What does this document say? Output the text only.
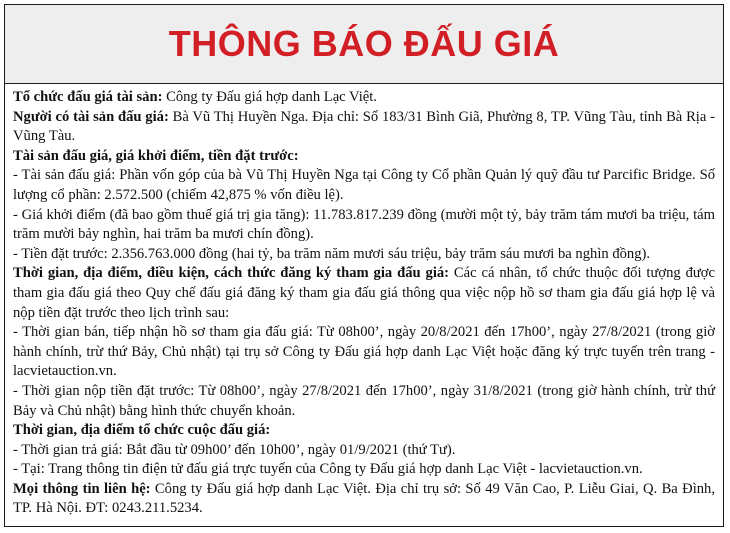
THÔNG BÁO ĐẤU GIÁ

Tổ chức đấu giá tài sản: Công ty Đấu giá hợp danh Lạc Việt.

Người có tài sản đấu giá: Bà Vũ Thị Huyền Nga. Địa chỉ: Số 183/31 Bình Giã, Phường 8, TP. Vũng Tàu, tỉnh Bà Rịa - Vũng Tàu.

Tài sản đấu giá, giá khởi điểm, tiền đặt trước:

- Tài sản đấu giá: Phần vốn góp của bà Vũ Thị Huyền Nga tại Công ty Cổ phần Quản lý quỹ đầu tư Parcific Bridge. Số lượng cổ phần: 2.572.500 (chiếm 42,875 % vốn điều lệ).

- Giá khởi điểm (đã bao gồm thuế giá trị gia tăng): 11.783.817.239 đồng (mười một tỷ, bảy trăm tám mươi ba triệu, tám trăm mười bảy nghìn, hai trăm ba mươi chín đồng).

- Tiền đặt trước: 2.356.763.000 đồng (hai tỷ, ba trăm năm mươi sáu triệu, bảy trăm sáu mươi ba nghìn đồng).

Thời gian, địa điểm, điều kiện, cách thức đăng ký tham gia đấu giá: Các cá nhân, tổ chức thuộc đối tượng được tham gia đấu giá theo Quy chế đấu giá đăng ký tham gia đấu giá thông qua việc nộp hồ sơ tham gia đấu giá hợp lệ và nộp tiền đặt trước theo lịch trình sau:

- Thời gian bán, tiếp nhận hồ sơ tham gia đấu giá: Từ 08h00’, ngày 20/8/2021 đến 17h00’, ngày 27/8/2021 (trong giờ hành chính, trừ thứ Bảy, Chủ nhật) tại trụ sở Công ty Đấu giá hợp danh Lạc Việt hoặc đăng ký trực tuyến trên trang - lacvietauction.vn.

- Thời gian nộp tiền đặt trước: Từ 08h00’, ngày 27/8/2021 đến 17h00’, ngày 31/8/2021 (trong giờ hành chính, trừ thứ Bảy và Chủ nhật) bằng hình thức chuyển khoản.

Thời gian, địa điểm tổ chức cuộc đấu giá:

- Thời gian trả giá: Bắt đầu từ 09h00’ đến 10h00’, ngày 01/9/2021 (thứ Tư).

- Tại: Trang thông tin điện tử đấu giá trực tuyến của Công ty Đấu giá hợp danh Lạc Việt - lacvietauction.vn.

Mọi thông tin liên hệ: Công ty Đấu giá hợp danh Lạc Việt. Địa chỉ trụ sở: Số 49 Văn Cao, P. Liễu Giai, Q. Ba Đình, TP. Hà Nội. ĐT: 0243.211.5234.
